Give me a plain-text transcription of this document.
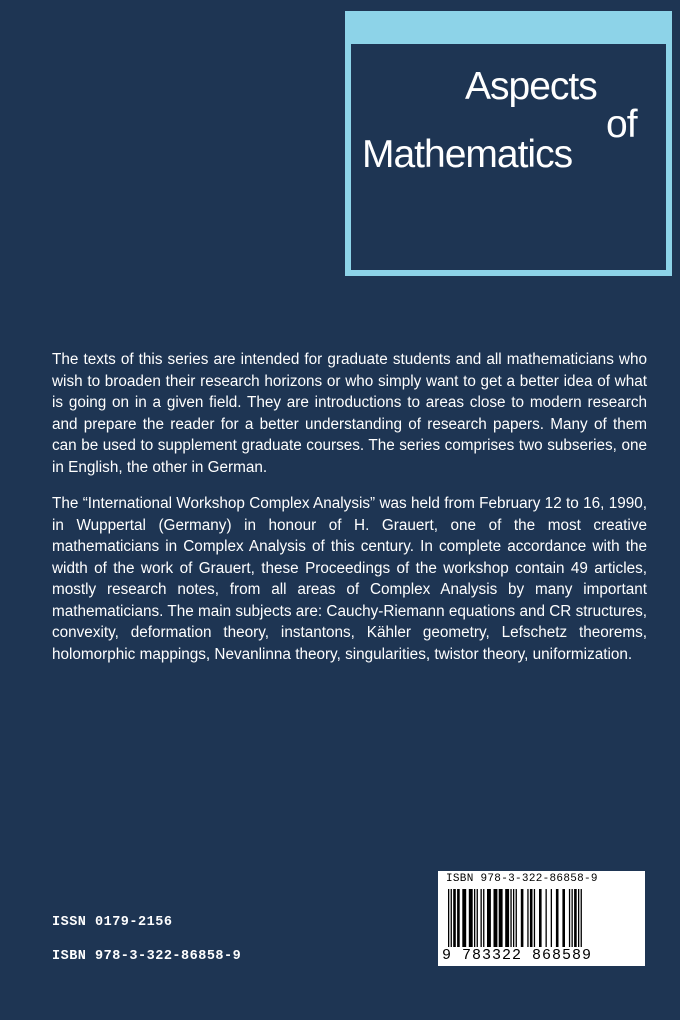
Aspects
of
Mathematics

The texts of this series are intended for graduate students and all mathematicians who wish to broaden their research horizons or who simply want to get a better idea of what is going on in a given field. They are introductions to areas close to modern research and prepare the reader for a better understanding of research papers. Many of them can be used to supplement graduate courses. The series comprises two subseries, one in English, the other in German.

The “International Workshop Complex Analysis” was held from February 12 to 16, 1990, in Wuppertal (Germany) in honour of H. Grauert, one of the most creative mathematicians in Complex Analysis of this century. In complete accordance with the width of the work of Grauert, these Proceedings of the workshop contain 49 articles, mostly research notes, from all areas of Complex Analysis by many important mathematicians. The main subjects are: Cauchy-Riemann equations and CR structures, convexity, deformation theory, instantons, Kähler geometry, Lefschetz theorems, holomorphic mappings, Nevanlinna theory, singularities, twistor theory, uniformization.

ISSN 0179-2156
ISBN 978-3-322-86858-9
ISBN 978-3-322-86858-9
9 783322 868589
